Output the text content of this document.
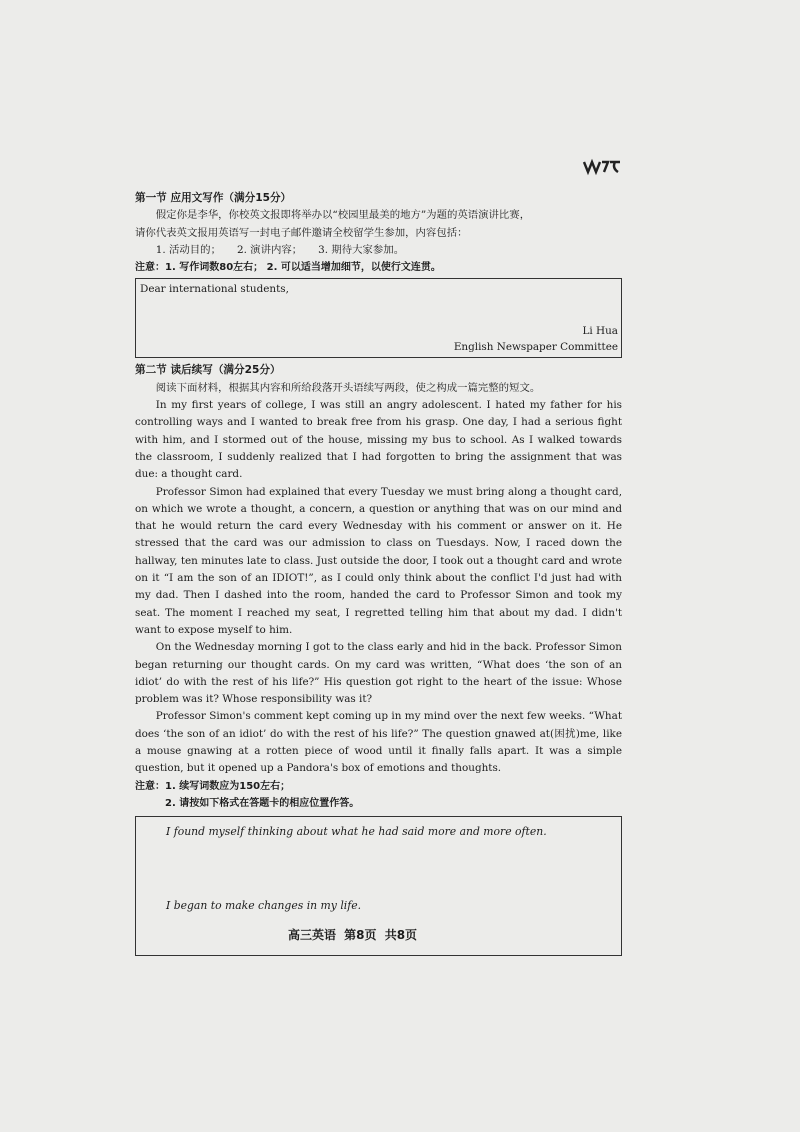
第一节 应用文写作（满分15分）

假定你是李华，你校英文报即将举办以“校园里最美的地方”为题的英语演讲比赛，

请你代表英文报用英语写一封电子邮件邀请全校留学生参加，内容包括：

1. 活动目的； 2. 演讲内容； 3. 期待大家参加。

注意：1. 写作词数80左右； 2. 可以适当增加细节，以使行文连贯。

Dear international students,

Li Hua
English Newspaper Committee

第二节 读后续写（满分25分）

阅读下面材料，根据其内容和所给段落开头语续写两段，使之构成一篇完整的短文。

In my first years of college, I was still an angry adolescent. I hated my father for his controlling ways and I wanted to break free from his grasp. One day, I had a serious fight with him, and I stormed out of the house, missing my bus to school. As I walked towards the classroom, I suddenly realized that I had forgotten to bring the assignment that was due: a thought card.

Professor Simon had explained that every Tuesday we must bring along a thought card, on which we wrote a thought, a concern, a question or anything that was on our mind and that he would return the card every Wednesday with his comment or answer on it. He stressed that the card was our admission to class on Tuesdays. Now, I raced down the hallway, ten minutes late to class. Just outside the door, I took out a thought card and wrote on it “I am the son of an IDIOT!”, as I could only think about the conflict I'd just had with my dad. Then I dashed into the room, handed the card to Professor Simon and took my seat. The moment I reached my seat, I regretted telling him that about my dad. I didn't want to expose myself to him.

On the Wednesday morning I got to the class early and hid in the back. Professor Simon began returning our thought cards. On my card was written, “What does ‘the son of an idiot’ do with the rest of his life?” His question got right to the heart of the issue: Whose problem was it? Whose responsibility was it?

Professor Simon's comment kept coming up in my mind over the next few weeks. “What does ‘the son of an idiot’ do with the rest of his life?” The question gnawed at(困扰)me, like a mouse gnawing at a rotten piece of wood until it finally falls apart. It was a simple question, but it opened up a Pandora's box of emotions and thoughts.

注意：1. 续写词数应为150左右；

2. 请按如下格式在答题卡的相应位置作答。

I found myself thinking about what he had said more and more often.

I began to make changes in my life.

高三英语 第8页 共8页
